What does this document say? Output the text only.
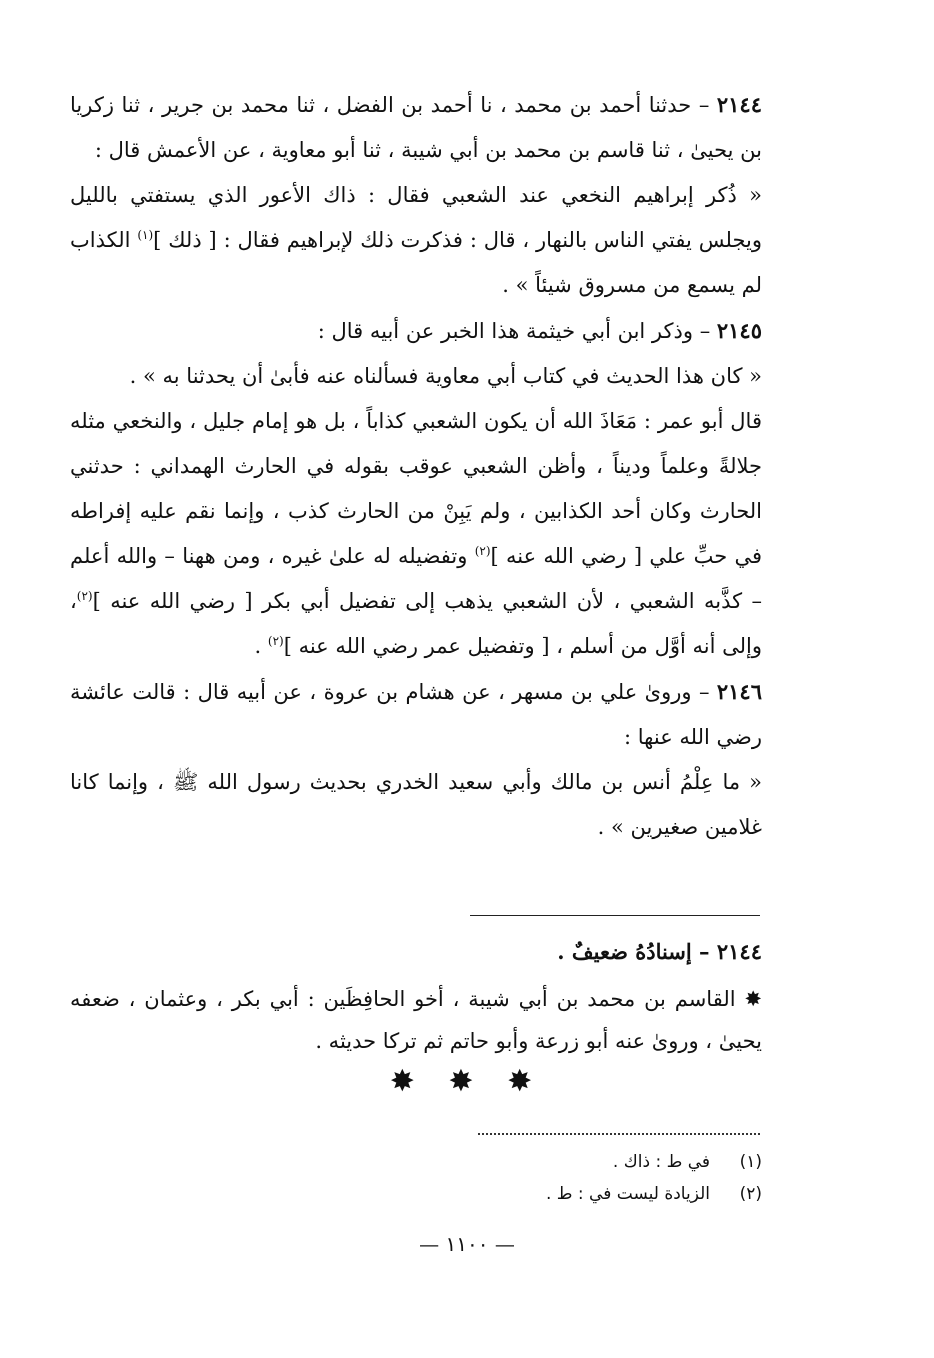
٢١٤٤ – حدثنا أحمد بن محمد ، نا أحمد بن الفضل ، ثنا محمد بن جرير ، ثنا زكريا بن يحيىٰ ، ثنا قاسم بن محمد بن أبي شيبة ، ثنا أبو معاوية ، عن الأعمش قال :

« ذُكر إبراهيم النخعي عند الشعبي فقال : ذاك الأعور الذي يستفتي بالليل ويجلس يفتي الناس بالنهار ، قال : فذكرت ذلك لإبراهيم فقال : [ ذلك ]$^{(١)}$ الكذاب لم يسمع من مسروق شيئاً » .

٢١٤٥ – وذكر ابن أبي خيثمة هذا الخبر عن أبيه قال :

« كان هذا الحديث في كتاب أبي معاوية فسألناه عنه فأبىٰ أن يحدثنا به » .

قال أبو عمر : مَعَاذَ الله أن يكون الشعبي كذاباً ، بل هو إمام جليل ، والنخعي مثله جلالةً وعلماً وديناً ، وأظن الشعبي عوقب بقوله في الحارث الهمداني : حدثني الحارث وكان أحد الكذابين ، ولم يَبِنْ من الحارث كذب ، وإنما نقم عليه إفراطه في حبِّ علي [ رضي الله عنه ]$^{(٢)}$ وتفضيله له علىٰ غيره ، ومن ههنا – والله أعلم – كذَّبه الشعبي ، لأن الشعبي يذهب إلى تفضيل أبي بكر [ رضي الله عنه ]$^{(٢)}$، وإلى أنه أوَّل من أسلم ، [ وتفضيل عمر رضي الله عنه ]$^{(٢)}$ .

٢١٤٦ – وروىٰ علي بن مسهر ، عن هشام بن عروة ، عن أبيه قال : قالت عائشة رضي الله عنها :

« ما عِلْمُ أنس بن مالك وأبي سعيد الخدري بحديث رسول الله ﷺ ، وإنما كانا غلامين صغيرين » .

٢١٤٤ – إسنادُهُ ضعيفٌ .
✸ القاسم بن محمد بن أبي شيبة ، أخو الحافِظَين : أبي بكر ، وعثمان ، ضعفه يحيىٰ ، وروىٰ عنه أبو زرعة وأبو حاتم ثم تركا حديثه .
✸ ✸ ✸
(١)
في ط : ذاك .
(٢)
الزيادة ليست في : ط .
— ١١٠٠ —
